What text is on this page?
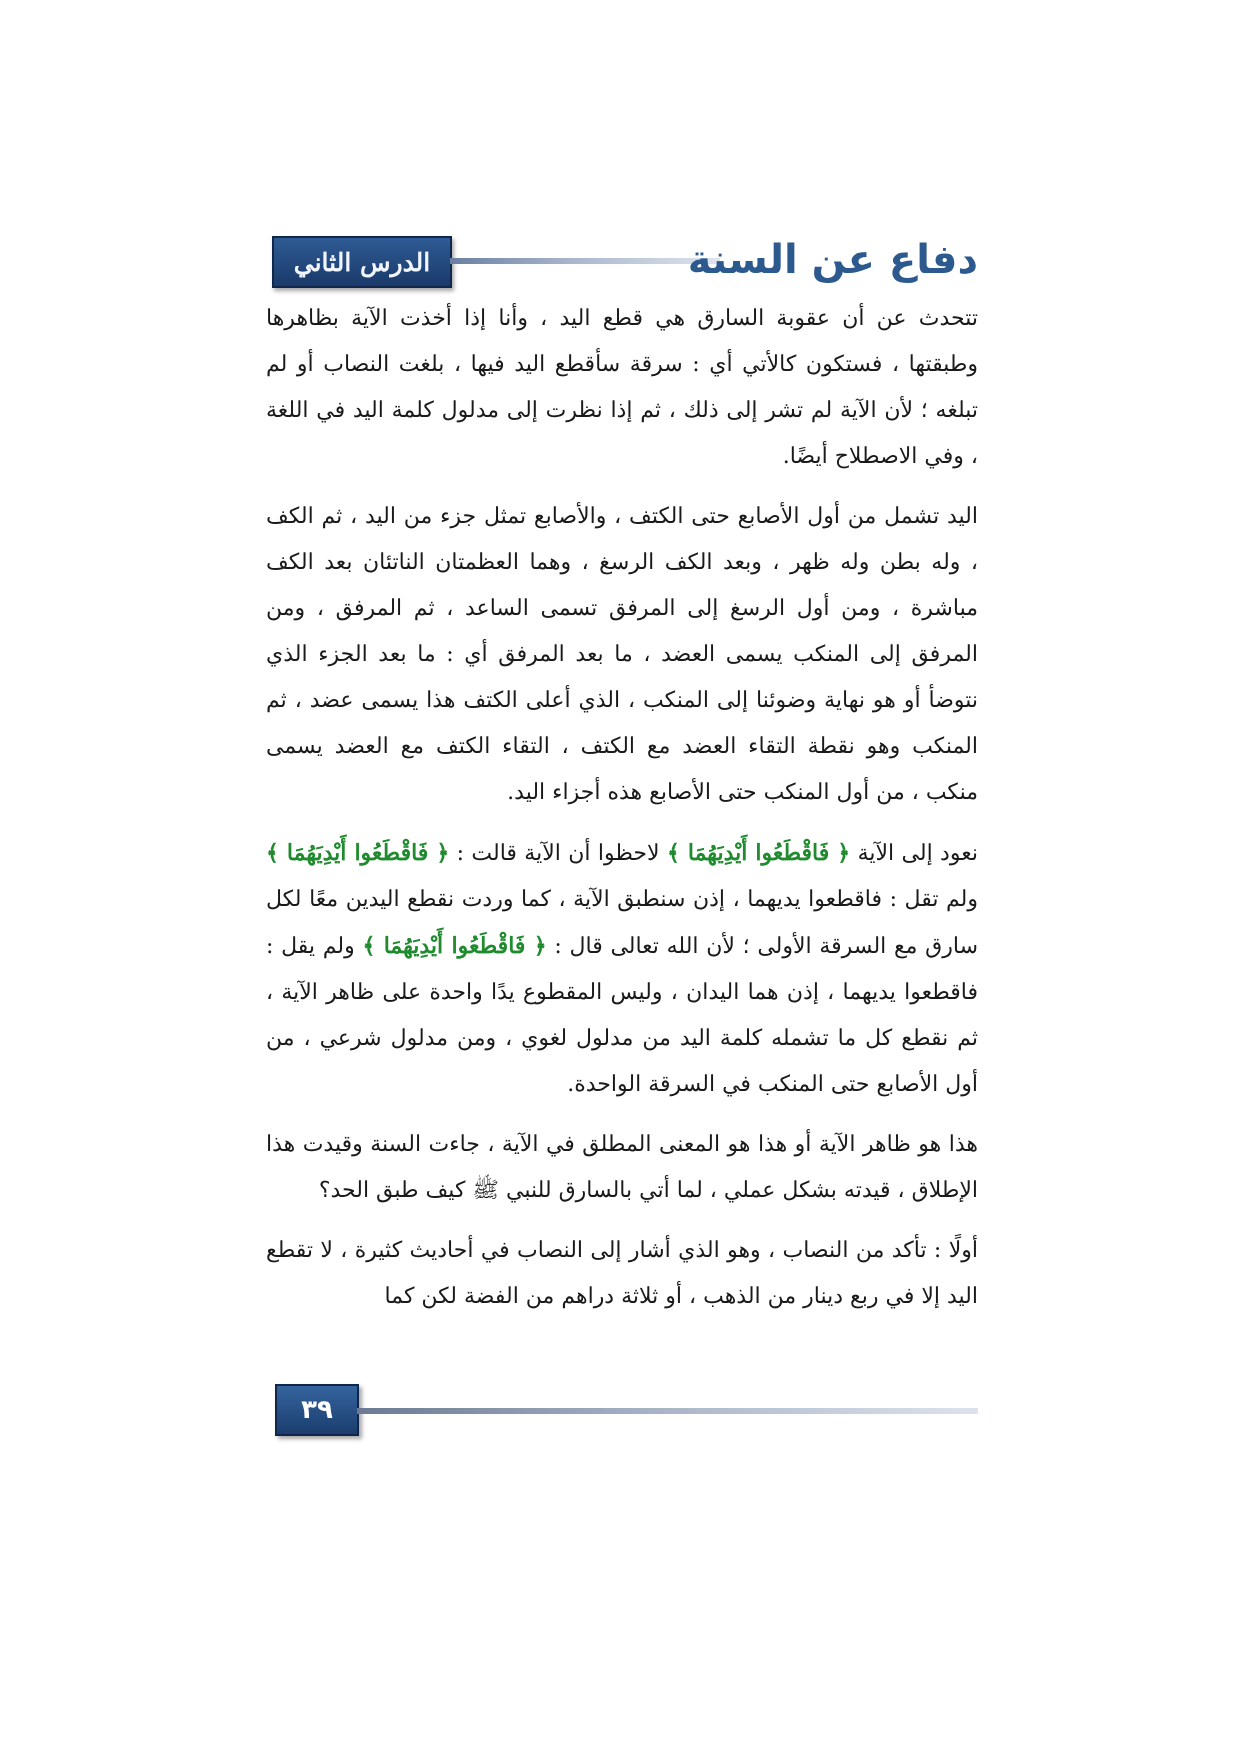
الدرس الثاني	دفاع عن السنة

تتحدث عن أن عقوبة السارق هي قطع اليد ، وأنا إذا أخذت الآية بظاهرها وطبقتها ، فستكون كالأتي أي : سرقة سأقطع اليد فيها ، بلغت النصاب أو لم تبلغه ؛ لأن الآية لم تشر إلى ذلك ، ثم إذا نظرت إلى مدلول كلمة اليد في اللغة ، وفي الاصطلاح أيضًا.

اليد تشمل من أول الأصابع حتى الكتف ، والأصابع تمثل جزء من اليد ، ثم الكف ، وله بطن وله ظهر ، وبعد الكف الرسغ ، وهما العظمتان الناتئان بعد الكف مباشرة ، ومن أول الرسغ إلى المرفق تسمى الساعد ، ثم المرفق ، ومن المرفق إلى المنكب يسمى العضد ، ما بعد المرفق أي : ما بعد الجزء الذي نتوضأ أو هو نهاية وضوئنا إلى المنكب ، الذي أعلى الكتف هذا يسمى عضد ، ثم المنكب وهو نقطة التقاء العضد مع الكتف ، التقاء الكتف مع العضد يسمى منكب ، من أول المنكب حتى الأصابع هذه أجزاء اليد.

نعود إلى الآية ﴿ فَاقْطَعُوا أَيْدِيَهُمَا ﴾ لاحظوا أن الآية قالت : ﴿ فَاقْطَعُوا أَيْدِيَهُمَا ﴾ ولم تقل : فاقطعوا يديهما ، إذن سنطبق الآية ، كما وردت نقطع اليدين معًا لكل سارق مع السرقة الأولى ؛ لأن الله تعالى قال : ﴿ فَاقْطَعُوا أَيْدِيَهُمَا ﴾ ولم يقل : فاقطعوا يديهما ، إذن هما اليدان ، وليس المقطوع يدًا واحدة على ظاهر الآية ، ثم نقطع كل ما تشمله كلمة اليد من مدلول لغوي ، ومن مدلول شرعي ، من أول الأصابع حتى المنكب في السرقة الواحدة.

هذا هو ظاهر الآية أو هذا هو المعنى المطلق في الآية ، جاءت السنة وقيدت هذا الإطلاق ، قيدته بشكل عملي ، لما أتي بالسارق للنبي ﷺ كيف طبق الحد؟

أولًا : تأكد من النصاب ، وهو الذي أشار إلى النصاب في أحاديث كثيرة ، لا تقطع اليد إلا في ربع دينار من الذهب ، أو ثلاثة دراهم من الفضة لكن كما

٣٩
